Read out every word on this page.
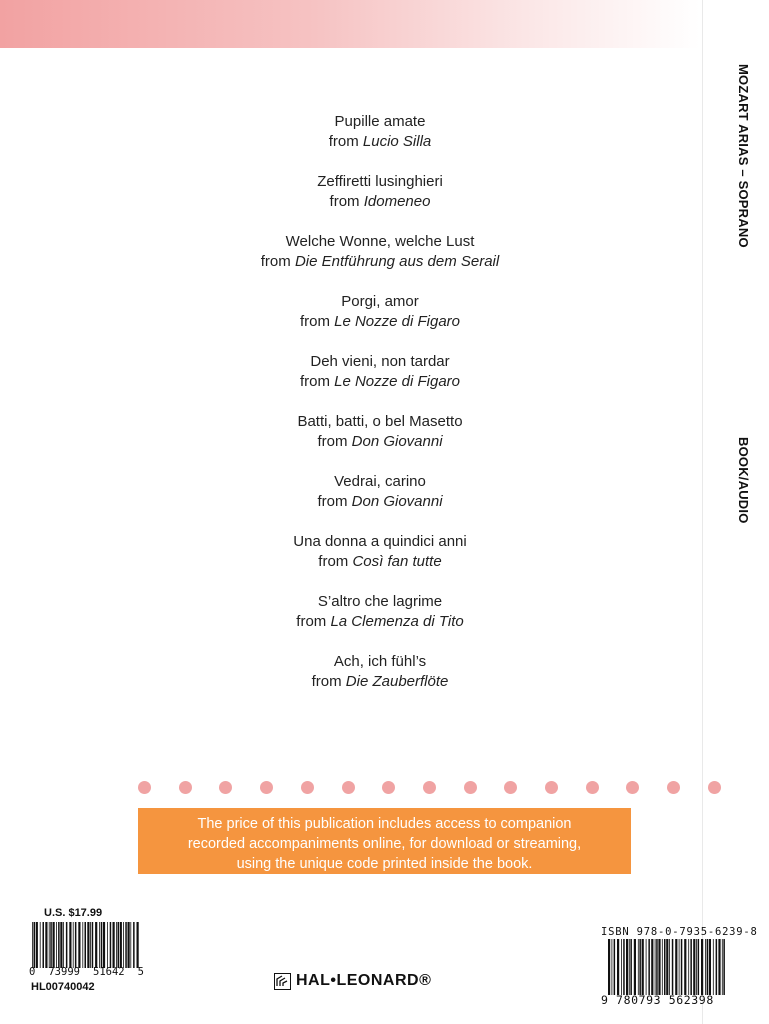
MOZART ARIAS – SOPRANO
BOOK/AUDIO
Pupille amate
from Lucio Silla
Zeffiretti lusinghieri
from Idomeneo
Welche Wonne, welche Lust
from Die Entführung aus dem Serail
Porgi, amor
from Le Nozze di Figaro
Deh vieni, non tardar
from Le Nozze di Figaro
Batti, batti, o bel Masetto
from Don Giovanni
Vedrai, carino
from Don Giovanni
Una donna a quindici anni
from Così fan tutte
S’altro che lagrime
from La Clemenza di Tito
Ach, ich fühl’s
from Die Zauberflöte
The price of this publication includes access to companion
recorded accompaniments online, for download or streaming,
using the unique code printed inside the book.
U.S. $17.99
0 73999 51642 5
HL00740042	HAL•LEONARD®
ISBN 978-0-7935-6239-8
9 780793 562398
